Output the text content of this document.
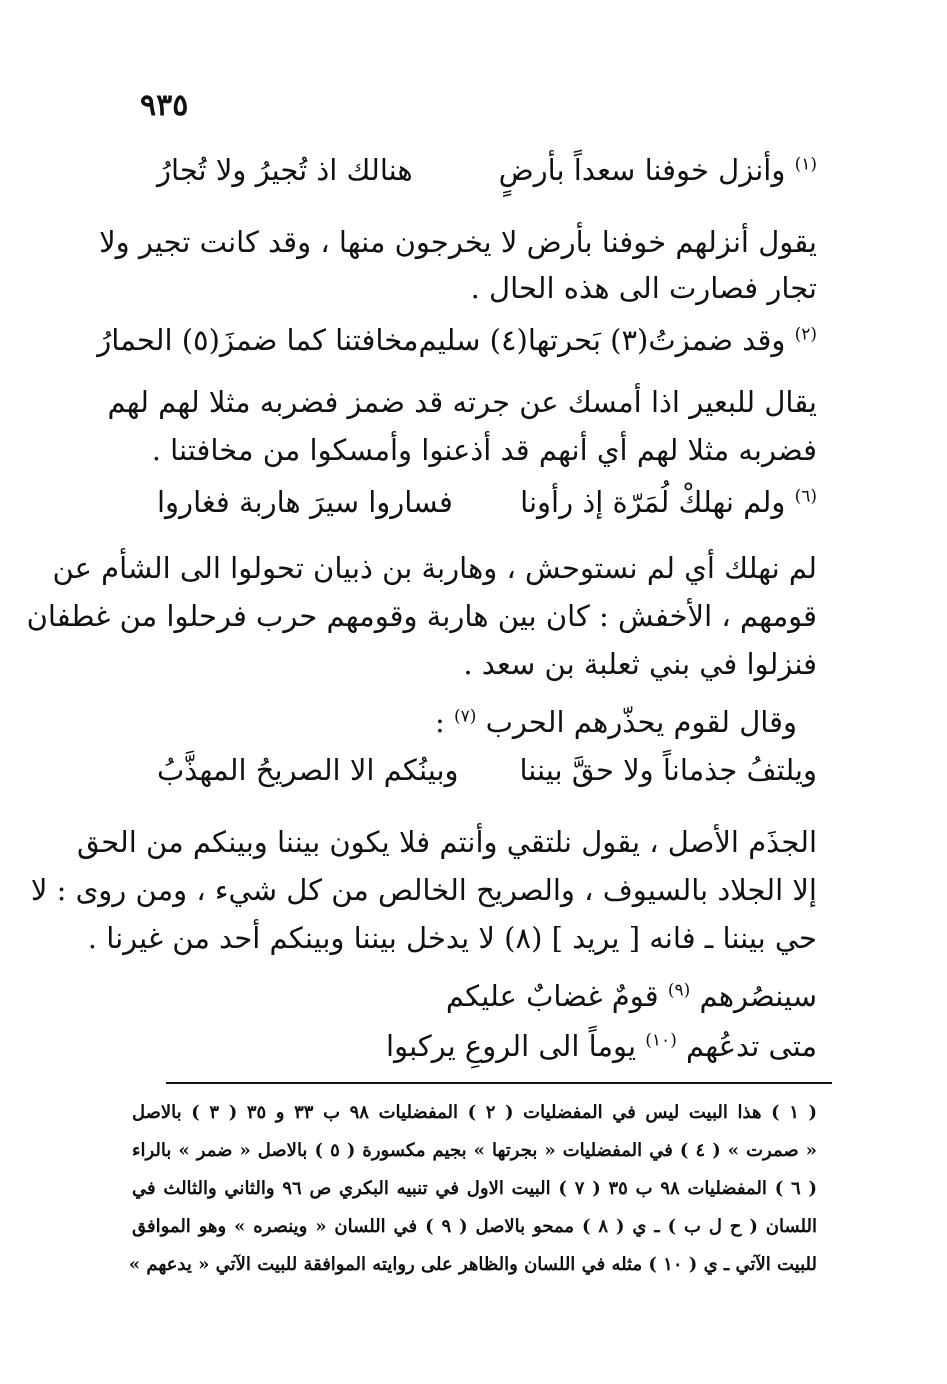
٩٣٥
$^{(١)}$ وأنزل خوفنا سعداً بأرضٍ
هنالك اذ تُجيرُ ولا تُجارُ
يقول أنزلهم خوفنا بأرض لا يخرجون منها ، وقد كانت تجير ولا
تجار فصارت الى هذه الحال .
$^{(٢)}$ وقد ضمزتُ(٣) بَحرتها(٤) سليم
مخافتنا كما ضمزَ(٥) الحمارُ
يقال للبعير اذا أمسك عن جرته قد ضمز فضربه مثلا لهم لهم
فضربه مثلا لهم أي أنهم قد أذعنوا وأمسكوا من مخافتنا .
$^{(٦)}$ ولم نهلكْ لُمَرّة إذ رأونا
فساروا سيرَ هاربة فغاروا
لم نهلك أي لم نستوحش ، وهاربة بن ذبيان تحولوا الى الشأم عن
قومهم ، الأخفش : كان بين هاربة وقومهم حرب فرحلوا من غطفان
فنزلوا في بني ثعلبة بن سعد .
وقال لقوم يحذّرهم الحرب $^{(٧)}$ :
ويلتفُ جذماناً ولا حقَّ بيننا
وبينُكم الا الصريحُ المهذَّبُ
الجذَم الأصل ، يقول نلتقي وأنتم فلا يكون بيننا وبينكم من الحق
إلا الجلاد بالسيوف ، والصريح الخالص من كل شيء ، ومن روى : لا
حي بيننا ـ فانه [ يريد ] (٨) لا يدخل بيننا وبينكم أحد من غيرنا .
سينصُرهم $^{(٩)}$ قومٌ غضابٌ عليكم
متى تدعُهم $^{(١٠)}$ يوماً الى الروعِ يركبوا
( ١ ) هذا البيت ليس في المفضليات ( ٢ ) المفضليات ٩٨ ب ٣٣ و ٣٥ ( ٣ ) بالاصل
« صمرت » ( ٤ ) في المفضليات « بجرتها » بجيم مكسورة ( ٥ ) بالاصل « ضمر » بالراء
( ٦ ) المفضليات ٩٨ ب ٣٥ ( ٧ ) البيت الاول في تنبيه البكري ص ٩٦ والثاني والثالث في
اللسان ( ح ل ب ) ـ ي ( ٨ ) ممحو بالاصل ( ٩ ) في اللسان « وينصره » وهو الموافق
للبيت الآتي ـ ي ( ١٠ ) مثله في اللسان والظاهر على روايته الموافقة للبيت الآتي « يدعهم »
